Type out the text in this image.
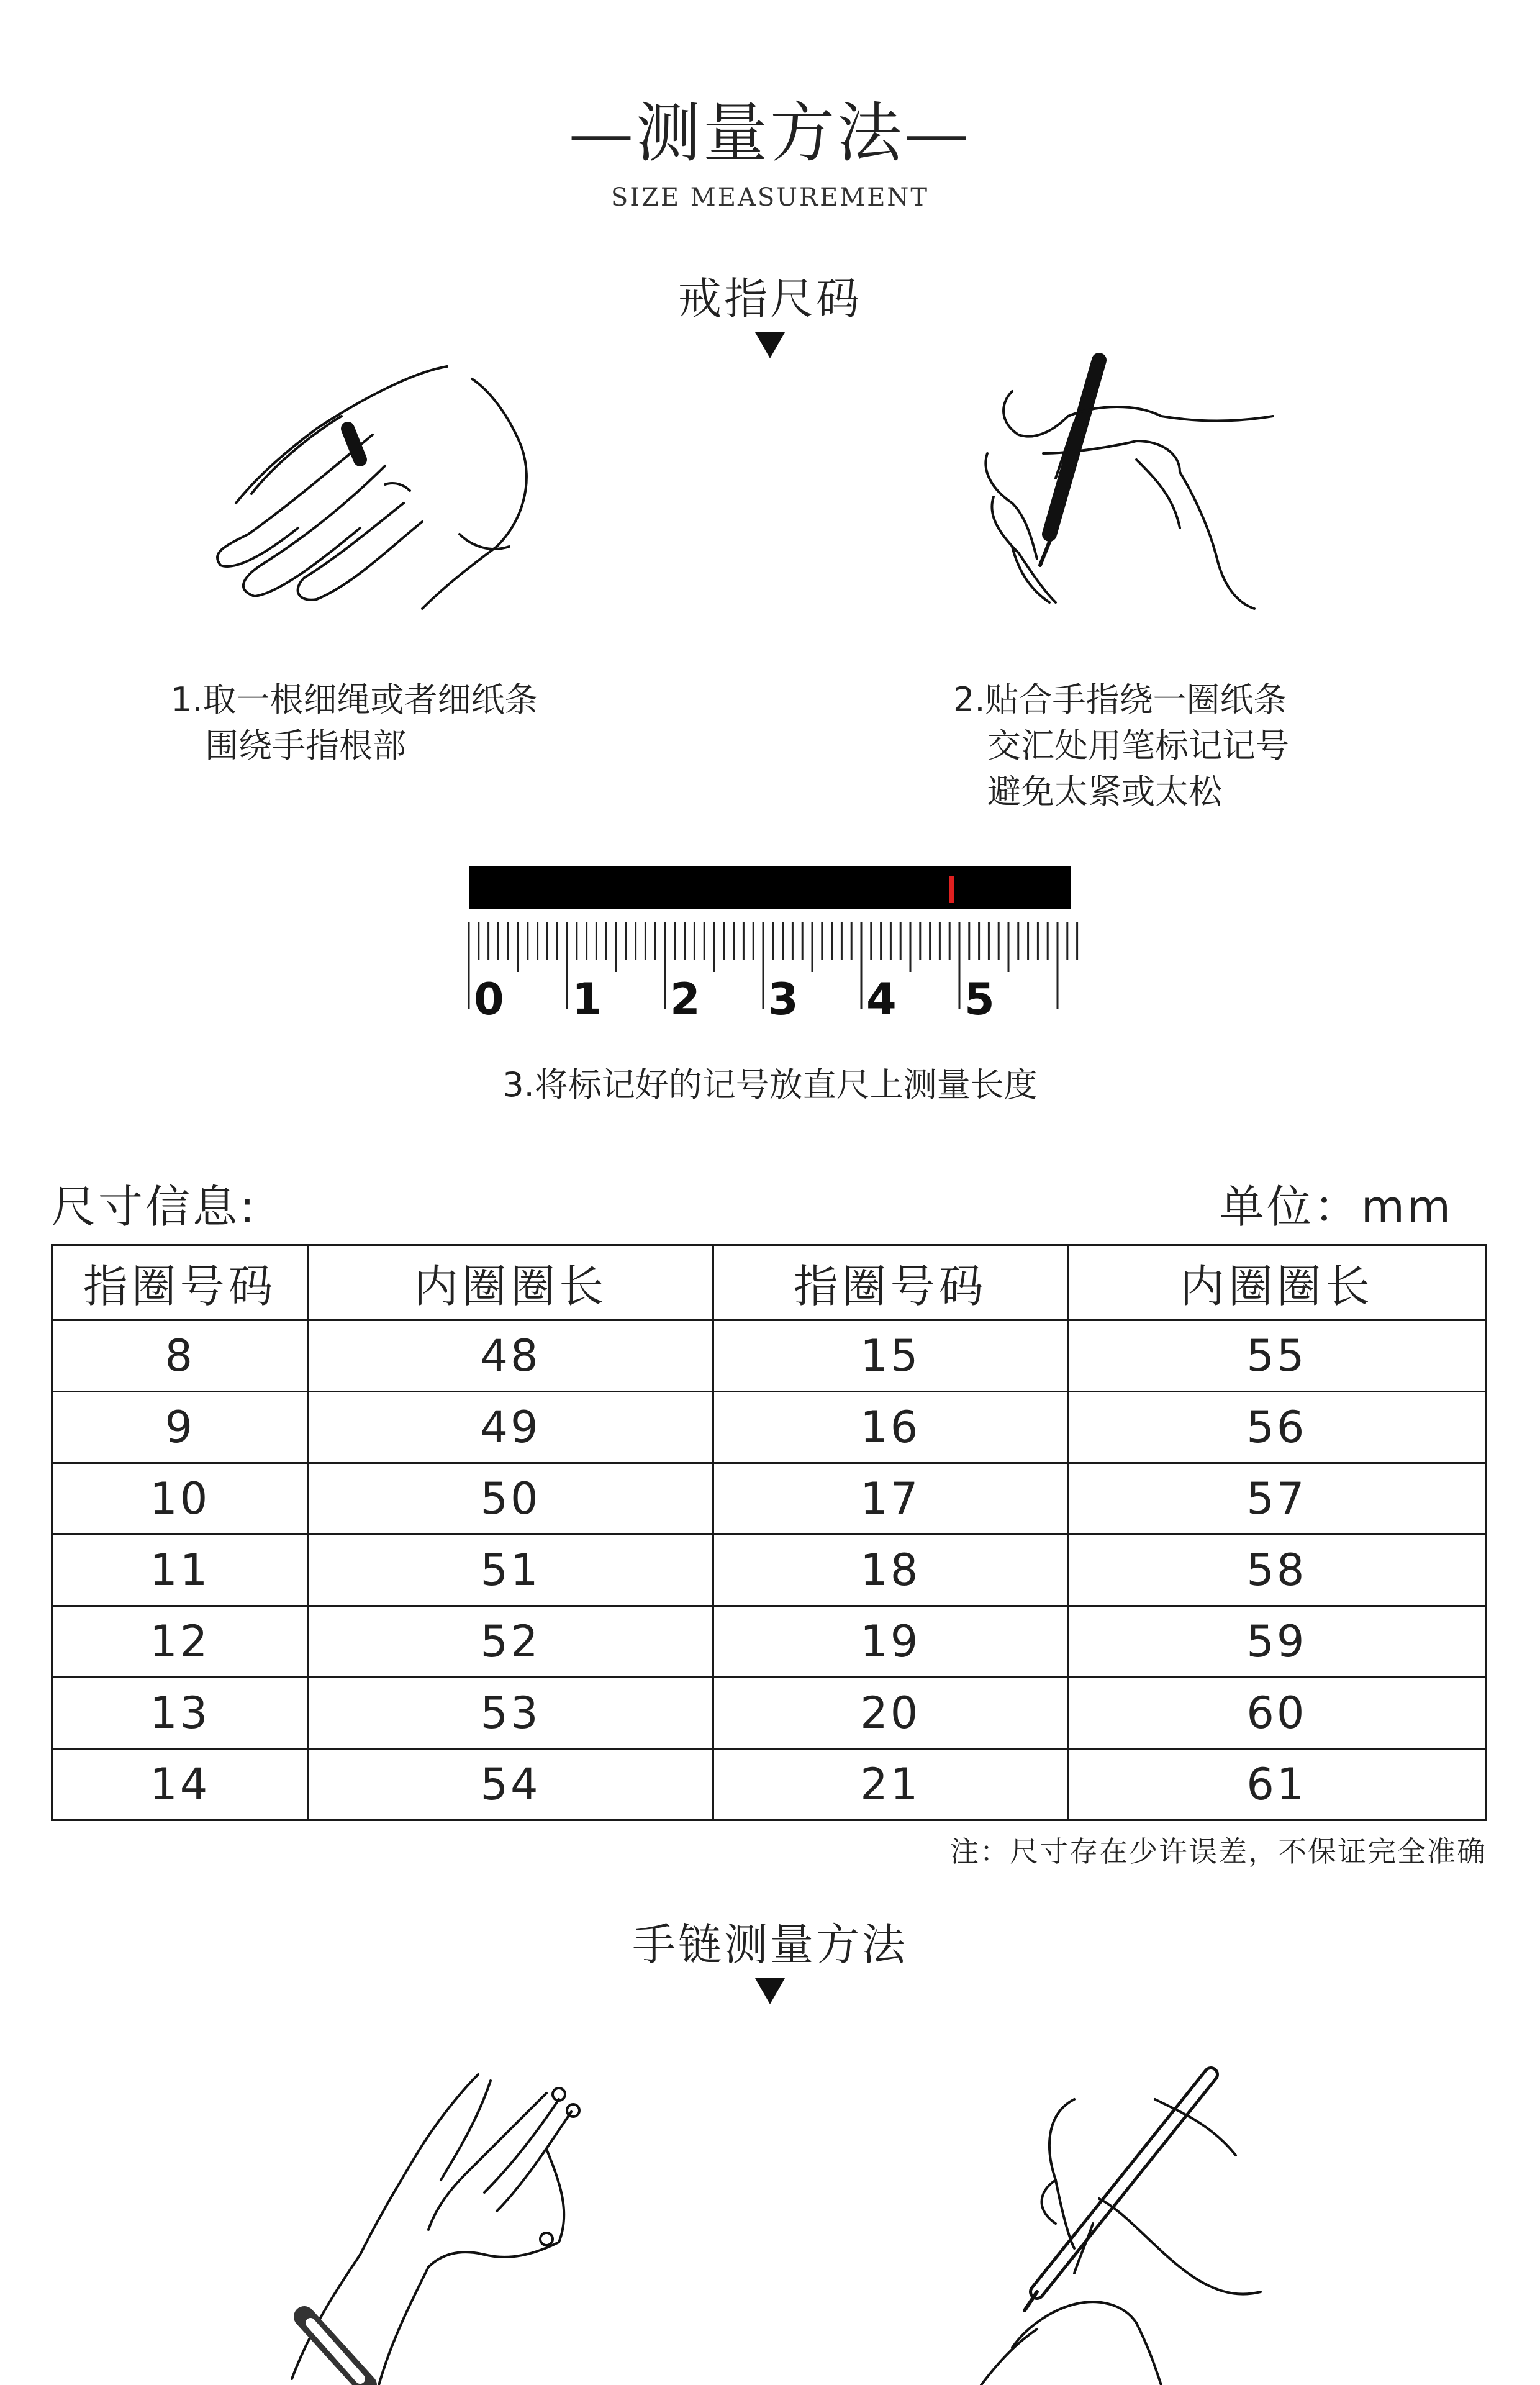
—测量方法—
SIZE MEASUREMENT
戒指尺码
1.取一根细绳或者细纸条
围绕手指根部
2.贴合手指绕一圈纸条
交汇处用笔标记记号
避免太紧或太松
0 1 2 3 4 5
3.将标记好的记号放直尺上测量长度
尺寸信息:	单位：mm
指圈号码	内圈圈长	指圈号码	内圈圈长
8	48	15	55
9	49	16	56
10	50	17	57
11	51	18	58
12	52	19	59
13	53	20	60
14	54	21	61
注：尺寸存在少许误差，不保证完全准确
手链测量方法
